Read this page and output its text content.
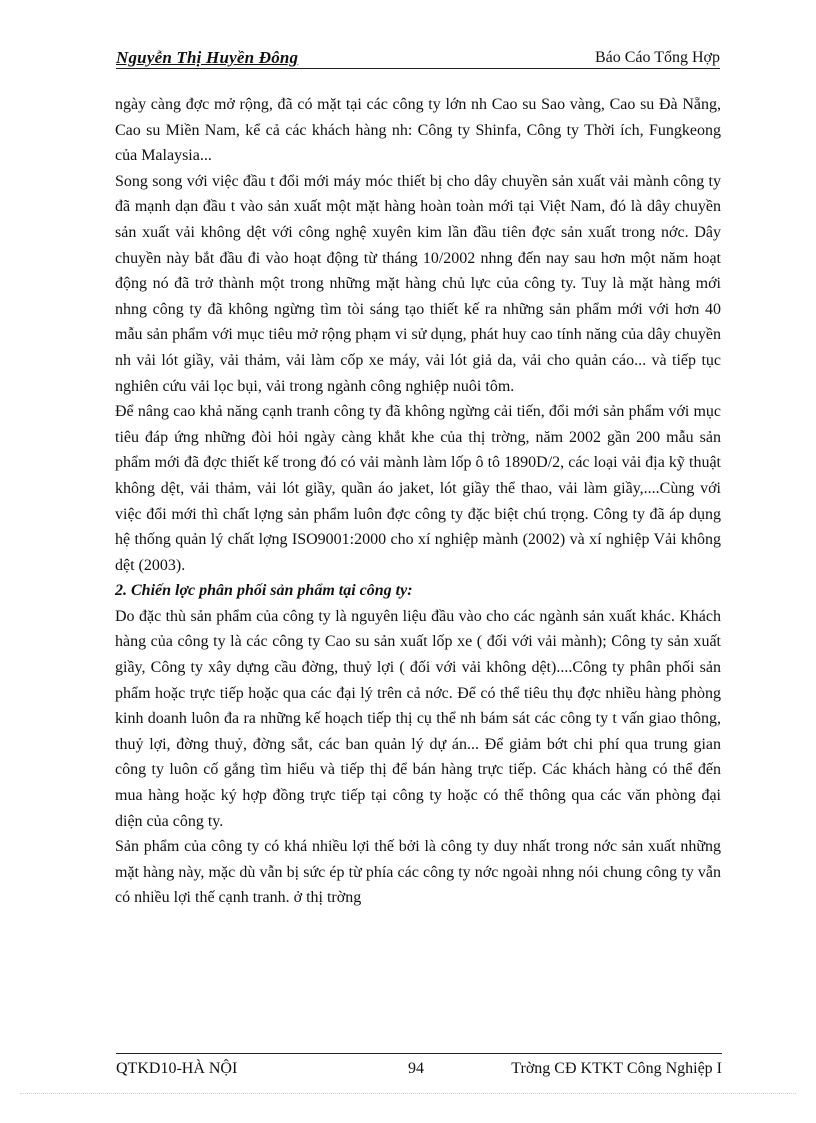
Nguyễn Thị Huyền Đông	Báo Cáo Tổng Hợp

ngày càng đợc mở rộng, đã có mặt tại các công ty lớn nh Cao su Sao vàng, Cao su Đà Nẵng, Cao su Miền Nam, kể cả các khách hàng nh: Công ty Shinfa, Công ty Thời ích, Fungkeong của Malaysia...

Song song với việc đầu t đổi mới máy móc thiết bị cho dây chuyền sản xuất vải mành công ty đã mạnh dạn đầu t vào sản xuất một mặt hàng hoàn toàn mới tại Việt Nam, đó là dây chuyền sản xuất vải không dệt với công nghệ xuyên kim lần đầu tiên đợc sản xuất trong nớc. Dây chuyền này bắt đầu đi vào hoạt động từ tháng 10/2002 nhng đến nay sau hơn một năm hoạt động nó đã trở thành một trong những mặt hàng chủ lực của công ty. Tuy là mặt hàng mới nhng công ty đã không ngừng tìm tòi sáng tạo thiết kế ra những sản phẩm mới với hơn 40 mẫu sản phẩm với mục tiêu mở rộng phạm vi sử dụng, phát huy cao tính năng của dây chuyền nh vải lót giầy, vải thảm, vải làm cốp xe máy, vải lót giả da, vải cho quản cáo... và tiếp tục nghiên cứu vải lọc bụi, vải trong ngành công nghiệp nuôi tôm.

Để nâng cao khả năng cạnh tranh công ty đã không ngừng cải tiến, đổi mới sản phẩm với mục tiêu đáp ứng những đòi hỏi ngày càng khắt khe của thị trờng, năm 2002 gần 200 mẫu sản phẩm mới đã đợc thiết kế trong đó có vải mành làm lốp ô tô 1890D/2, các loại vải địa kỹ thuật không dệt, vải thảm, vải lót giầy, quần áo jaket, lót giầy thể thao, vải làm giầy,....Cùng với việc đổi mới thì chất lợng sản phẩm luôn đợc công ty đặc biệt chú trọng. Công ty đã áp dụng hệ thống quản lý chất lợng ISO9001:2000 cho xí nghiệp mành (2002) và xí nghiệp Vải không dệt (2003).

2. Chiến lợc phân phối sản phẩm tại công ty:

Do đặc thù sản phẩm của công ty là nguyên liệu đầu vào cho các ngành sản xuất khác. Khách hàng của công ty là các công ty Cao su sản xuất lốp xe ( đối với vải mành); Công ty sản xuất giầy, Công ty xây dựng cầu đờng, thuỷ lợi ( đối với vải không dệt)....Công ty phân phối sản phẩm hoặc trực tiếp hoặc qua các đại lý trên cả nớc. Để có thể tiêu thụ đợc nhiều hàng phòng kinh doanh luôn đa ra những kế hoạch tiếp thị cụ thể nh bám sát các công ty t vấn giao thông, thuỷ lợi, đờng thuỷ, đờng sắt, các ban quản lý dự án... Để giảm bớt chi phí qua trung gian công ty luôn cố gắng tìm hiểu và tiếp thị để bán hàng trực tiếp. Các khách hàng có thể đến mua hàng hoặc ký hợp đồng trực tiếp tại công ty hoặc có thể thông qua các văn phòng đại diện của công ty.

Sản phẩm của công ty có khá nhiều lợi thế bởi là công ty duy nhất trong nớc sản xuất những mặt hàng này, mặc dù vẫn bị sức ép từ phía các công ty nớc ngoài nhng nói chung công ty vẫn có nhiều lợi thế cạnh tranh. ở thị trờng

QTKD10-HÀ NỘI	94	Trờng CĐ KTKT Công Nghiệp I
